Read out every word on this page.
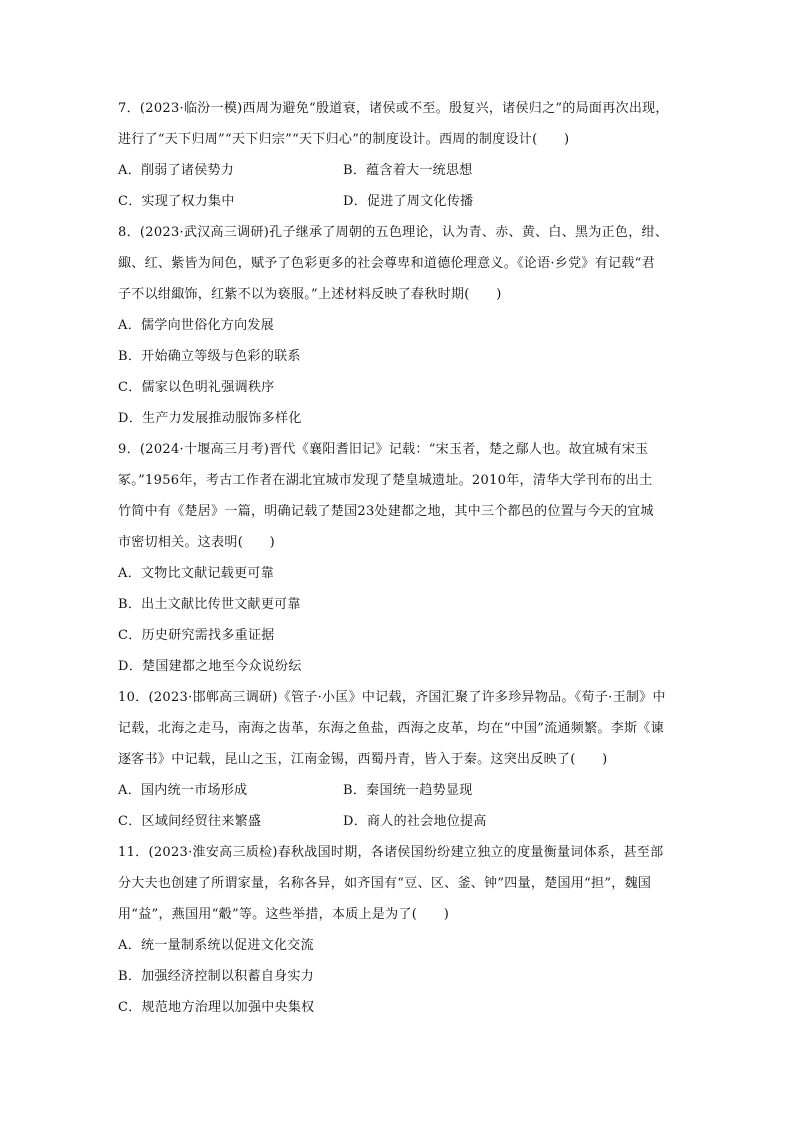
7．(2023·临汾一模)西周为避免“殷道衰，诸侯或不至。殷复兴，诸侯归之”的局面再次出现，
进行了“天下归周”“天下归宗”“天下归心”的制度设计。西周的制度设计(　　)
A．削弱了诸侯势力	B．蕴含着大一统思想
C．实现了权力集中	D．促进了周文化传播
8．(2023·武汉高三调研)孔子继承了周朝的五色理论，认为青、赤、黄、白、黑为正色，绀、
緅、红、紫皆为间色，赋予了色彩更多的社会尊卑和道德伦理意义。《论语·乡党》有记载“君
子不以绀緅饰，红紫不以为亵服。”上述材料反映了春秋时期(　　)
A．儒学向世俗化方向发展
B．开始确立等级与色彩的联系
C．儒家以色明礼强调秩序
D．生产力发展推动服饰多样化
9．(2024·十堰高三月考)晋代《襄阳耆旧记》记载：“宋玉者，楚之鄢人也。故宜城有宋玉
冢。”1956年，考古工作者在湖北宜城市发现了楚皇城遗址。2010年，清华大学刊布的出土
竹简中有《楚居》一篇，明确记载了楚国23处建都之地，其中三个都邑的位置与今天的宜城
市密切相关。这表明(　　)
A．文物比文献记载更可靠
B．出土文献比传世文献更可靠
C．历史研究需找多重证据
D．楚国建都之地至今众说纷纭
10．(2023·邯郸高三调研)《管子·小匡》中记载，齐国汇聚了许多珍异物品。《荀子·王制》中
记载，北海之走马，南海之齿革，东海之鱼盐，西海之皮革，均在“中国”流通频繁。李斯《谏
逐客书》中记载，昆山之玉，江南金锡，西蜀丹青，皆入于秦。这突出反映了(　　)
A．国内统一市场形成	B．秦国统一趋势显现
C．区域间经贸往来繁盛	D．商人的社会地位提高
11．(2023·淮安高三质检)春秋战国时期，各诸侯国纷纷建立独立的度量衡量词体系，甚至部
分大夫也创建了所谓家量，名称各异，如齐国有“豆、区、釜、钟”四量，楚国用“担”，魏国
用“益”，燕国用“觳”等。这些举措，本质上是为了(　　)
A．统一量制系统以促进文化交流
B．加强经济控制以积蓄自身实力
C．规范地方治理以加强中央集权
